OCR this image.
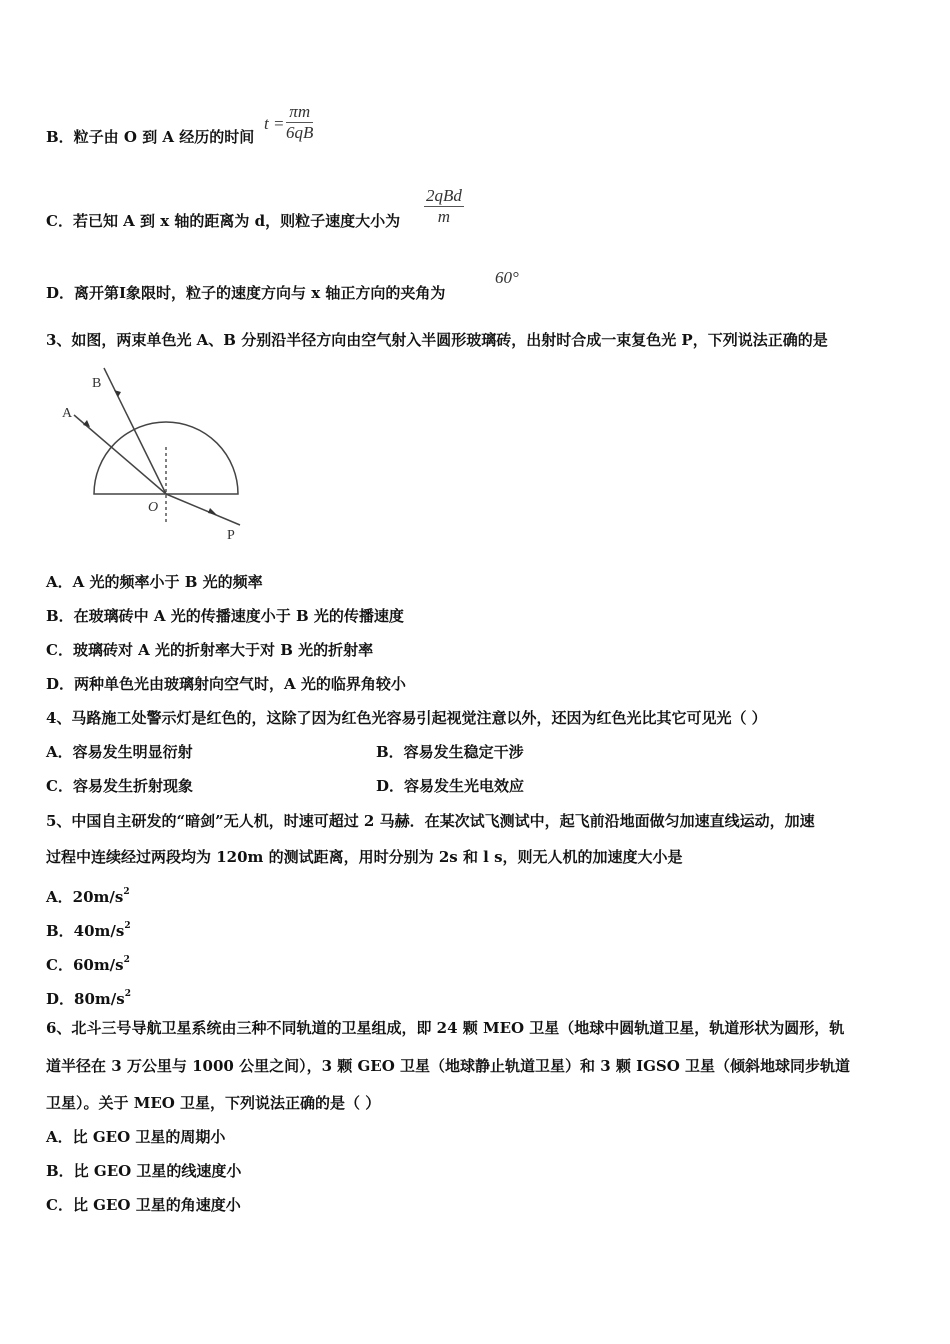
B．粒子由 O 到 A 经历的时间
$t = \frac{\pi m}{6qB}$
C．若已知 A 到 x 轴的距离为 d，则粒子速度大小为
2qBd
m
D．离开第Ⅰ象限时，粒子的速度方向与 x 轴正方向的夹角为
60°
3、如图，两束单色光 A、B 分别沿半径方向由空气射入半圆形玻璃砖，出射时合成一束复色光 P，下列说法正确的是
A
B
O
P
A．A 光的频率小于 B 光的频率
B．在玻璃砖中 A 光的传播速度小于 B 光的传播速度
C．玻璃砖对 A 光的折射率大于对 B 光的折射率
D．两种单色光由玻璃射向空气时，A 光的临界角较小
4、马路施工处警示灯是红色的，这除了因为红色光容易引起视觉注意以外，还因为红色光比其它可见光（ ）
A．容易发生明显衍射	B．容易发生稳定干涉
C．容易发生折射现象	D．容易发生光电效应
5、中国自主研发的“暗剑”无人机，时速可超过 2 马赫．在某次试飞测试中，起飞前沿地面做匀加速直线运动，加速
过程中连续经过两段均为 120m 的测试距离，用时分别为 2s 和 l s，则无人机的加速度大小是
A．$20m/s^2$
B．$40m/s^2$
C．$60m/s^2$
D．$80m/s^2$
6、北斗三号导航卫星系统由三种不同轨道的卫星组成，即 24 颗 MEO 卫星（地球中圆轨道卫星，轨道形状为圆形，轨
道半径在 3 万公里与 1000 公里之间），3 颗 GEO 卫星（地球静止轨道卫星）和 3 颗 IGSO 卫星（倾斜地球同步轨道
卫星）。关于 MEO 卫星，下列说法正确的是（ ）
A．比 GEO 卫星的周期小
B．比 GEO 卫星的线速度小
C．比 GEO 卫星的角速度小
